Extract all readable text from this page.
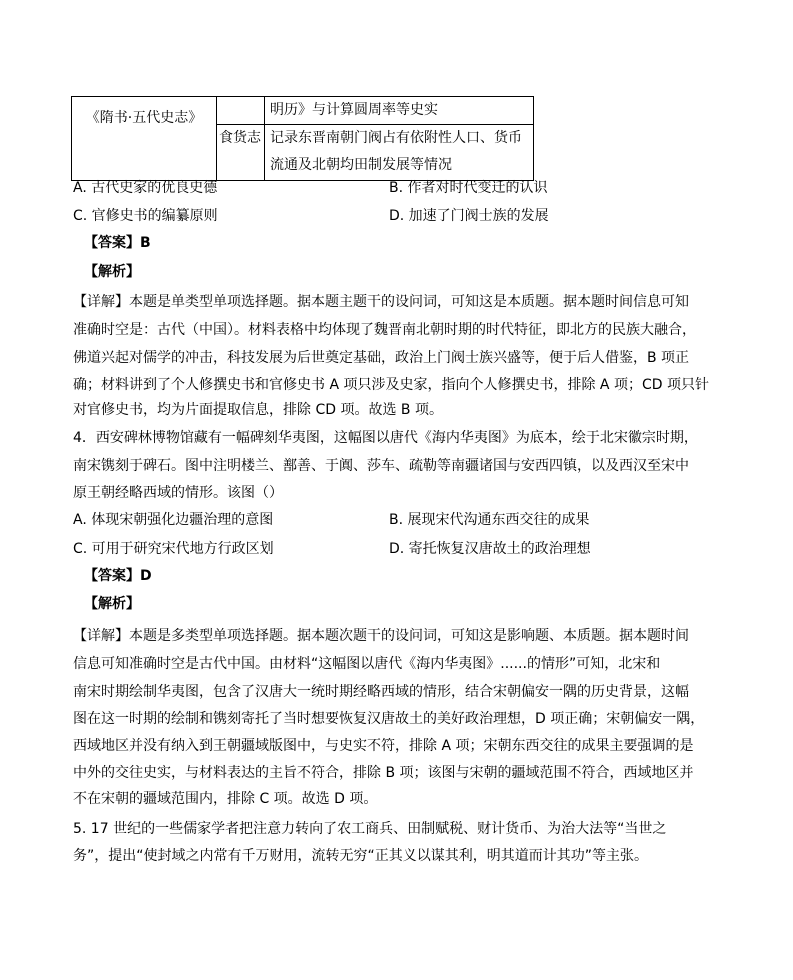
《隋书·五代史志》		明历》与计算圆周率等史实

	食货志	记录东晋南朝门阀占有依附性人口、货币
流通及北朝均田制发展等情况
A. 古代史家的优良史德	B. 作者对时代变迁的认识
C. 官修史书的编纂原则	D. 加速了门阀士族的发展
【答案】B
【解析】
【详解】本题是单类型单项选择题。据本题主题干的设问词，可知这是本质题。据本题时间信息可知
准确时空是：古代（中国）。材料表格中均体现了魏晋南北朝时期的时代特征，即北方的民族大融合，
佛道兴起对儒学的冲击，科技发展为后世奠定基础，政治上门阀士族兴盛等，便于后人借鉴，B 项正
确；材料讲到了个人修撰史书和官修史书 A 项只涉及史家，指向个人修撰史书，排除 A 项；CD 项只针
对官修史书，均为片面提取信息，排除 CD 项。故选 B 项。
4．西安碑林博物馆藏有一幅碑刻华夷图，这幅图以唐代《海内华夷图》为底本，绘于北宋徽宗时期，
南宋镌刻于碑石。图中注明楼兰、鄯善、于阗、莎车、疏勒等南疆诸国与安西四镇，以及西汉至宋中
原王朝经略西域的情形。该图（）
A. 体现宋朝强化边疆治理的意图	B. 展现宋代沟通东西交往的成果
C. 可用于研究宋代地方行政区划	D. 寄托恢复汉唐故土的政治理想
【答案】D
【解析】
【详解】本题是多类型单项选择题。据本题次题干的设问词，可知这是影响题、本质题。据本题时间
信息可知准确时空是古代中国。由材料“这幅图以唐代《海内华夷图》......的情形”可知，北宋和
南宋时期绘制华夷图，包含了汉唐大一统时期经略西域的情形，结合宋朝偏安一隅的历史背景，这幅
图在这一时期的绘制和镌刻寄托了当时想要恢复汉唐故土的美好政治理想，D 项正确；宋朝偏安一隅，
西域地区并没有纳入到王朝疆域版图中，与史实不符，排除 A 项；宋朝东西交往的成果主要强调的是
中外的交往史实，与材料表达的主旨不符合，排除 B 项；该图与宋朝的疆域范围不符合，西域地区并
不在宋朝的疆域范围内，排除 C 项。故选 D 项。
5. 17 世纪的一些儒家学者把注意力转向了农工商兵、田制赋税、财计货币、为治大法等“当世之
务”，提出“使封域之内常有千万财用，流转无穷“正其义以谋其利，明其道而计其功”等主张。
